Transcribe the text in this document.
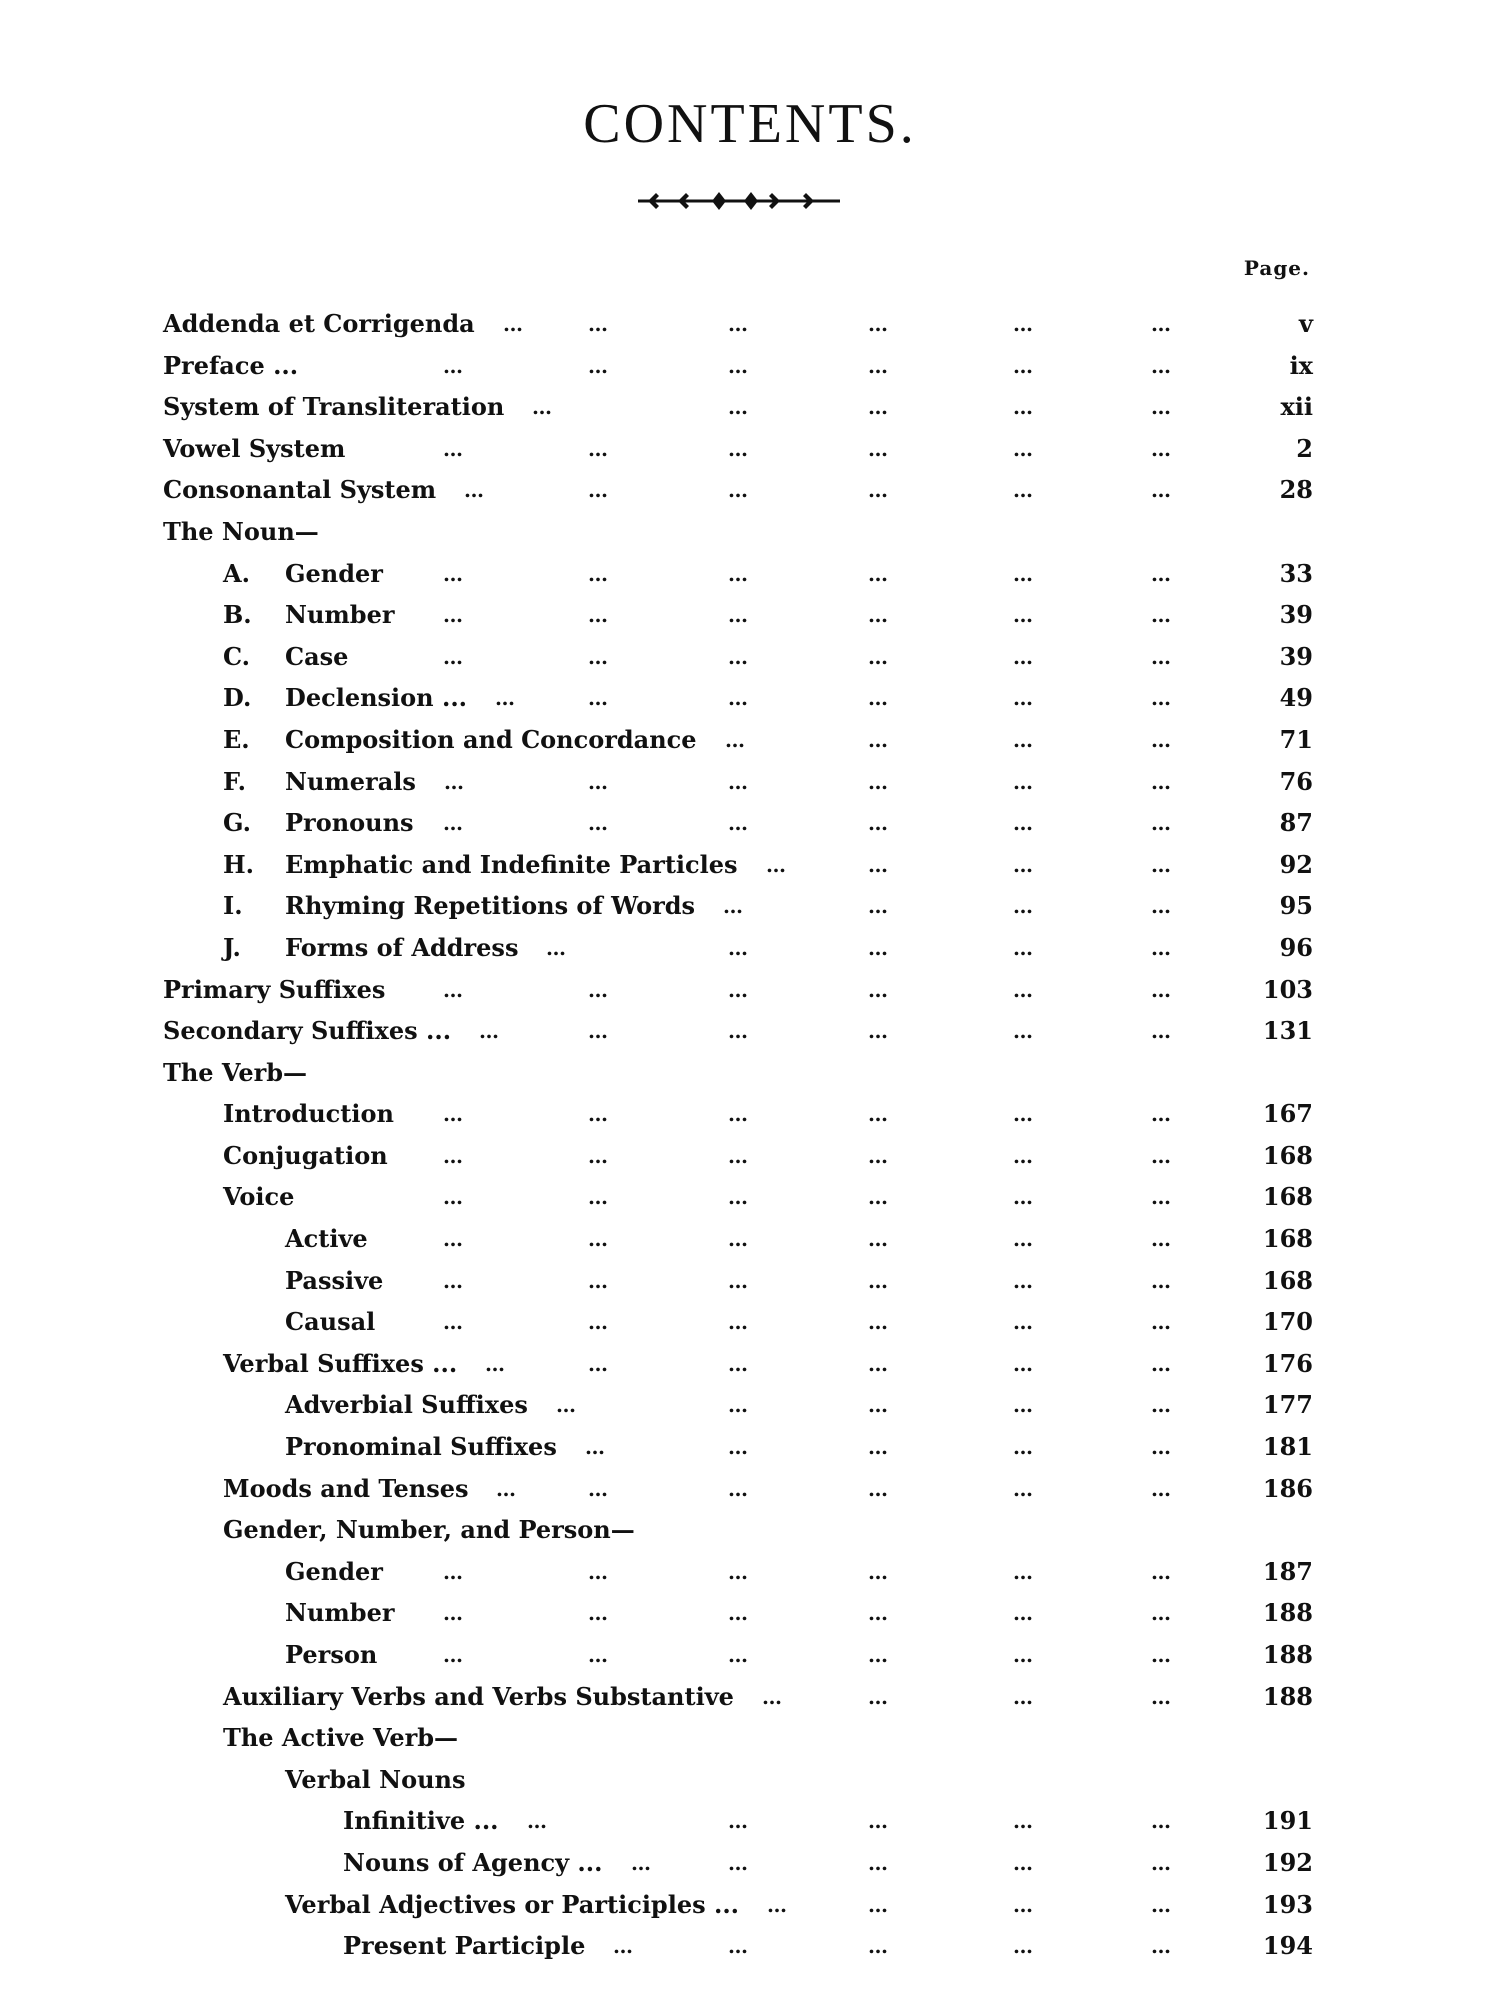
CONTENTS.
Page.
Addenda et Corrigenda	v
…	…	…	…	…	…
Preface ...	ix
…	…	…	…	…	…
System of Transliteration	xii
…	…	…	…	…
Vowel System	2
…	…	…	…	…	…
Consonantal System	28
…	…	…	…	…	…
The Noun—
A. Gender	33
…	…	…	…	…	…
B. Number	39
…	…	…	…	…	…
C. Case	39
…	…	…	…	…	…
D. Declension ...	49
…	…	…	…	…	…
E. Composition and Concordance	71
…	…	…	…
F. Numerals	76
…	…	…	…	…	…
G. Pronouns	87
…	…	…	…	…	…
H. Emphatic and Indefinite Particles	92
…	…	…	…
I. Rhyming Repetitions of Words	95
…	…	…	…
J. Forms of Address	96
…	…	…	…	…
Primary Suffixes	103
…	…	…	…	…	…
Secondary Suffixes ...	131
…	…	…	…	…	…
The Verb—
Introduction	167
…	…	…	…	…	…
Conjugation	168
…	…	…	…	…	…
Voice	168
…	…	…	…	…	…
Active	168
…	…	…	…	…	…
Passive	168
…	…	…	…	…	…
Causal	170
…	…	…	…	…	…
Verbal Suffixes ...	176
…	…	…	…	…	…
Adverbial Suffixes	177
…	…	…	…	…
Pronominal Suffixes	181
…	…	…	…	…
Moods and Tenses	186
…	…	…	…	…	…
Gender, Number, and Person—
Gender	187
…	…	…	…	…	…
Number	188
…	…	…	…	…	…
Person	188
…	…	…	…	…	…
Auxiliary Verbs and Verbs Substantive	188
…	…	…	…
The Active Verb—
Verbal Nouns
Infinitive ...	191
…	…	…	…	…
Nouns of Agency ...	192
…	…	…	…	…
Verbal Adjectives or Participles ...	193
…	…	…	…
Present Participle	194
…	…	…	…	…
